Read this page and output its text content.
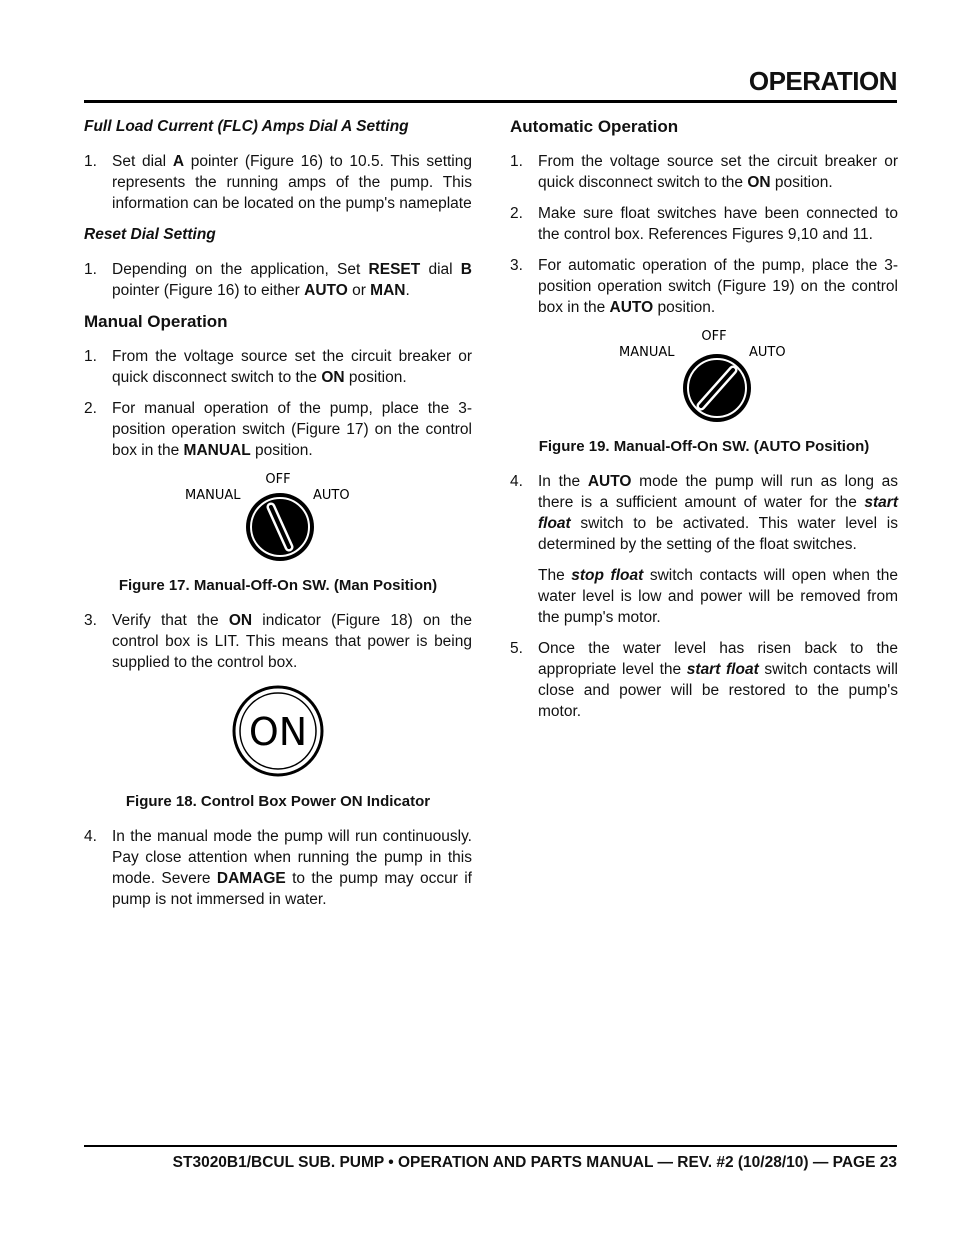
OPERATION
Full Load Current (FLC) Amps Dial A Setting
1. Set dial A pointer (Figure 16) to 10.5. This setting represents the running amps of the pump. This information can be located on the pump's nameplate
Reset Dial Setting
1. Depending on the application, Set RESET dial B pointer (Figure 16) to either AUTO or MAN.
Manual Operation
1. From the voltage source set the circuit breaker or quick disconnect switch to the ON position.
2. For manual operation of the pump, place the 3-position operation switch (Figure 17) on the control box in the MANUAL position.
OFF
MANUAL	AUTO
Figure 17. Manual-Off-On SW. (Man Position)
3. Verify that the ON indicator (Figure 18) on the control box is LIT. This means that power is being supplied to the control box.
ON
Figure 18. Control Box Power ON Indicator
4. In the manual mode the pump will run continuously. Pay close attention when running the pump in this mode. Severe DAMAGE to the pump may occur if pump is not immersed in water.
Automatic Operation
1. From the voltage source set the circuit breaker or quick disconnect switch to the ON position.
2. Make sure float switches have been connected to the control box. References Figures 9,10 and 11.
3. For automatic operation of the pump, place the 3-position operation switch (Figure 19) on the control box in the AUTO position.
OFF
MANUAL	AUTO
Figure 19. Manual-Off-On SW. (AUTO Position)
4. In the AUTO mode the pump will run as long as there is a sufficient amount of water for the start float switch to be activated. This water level is determined by the setting of the float switches.
The stop float switch contacts will open when the water level is low and power will be removed from the pump's motor.
5. Once the water level has risen back to the appropriate level the start float switch contacts will close and power will be restored to the pump's motor.
ST3020B1/BCUL SUB. PUMP • OPERATION AND PARTS MANUAL — REV. #2 (10/28/10) — PAGE 23
